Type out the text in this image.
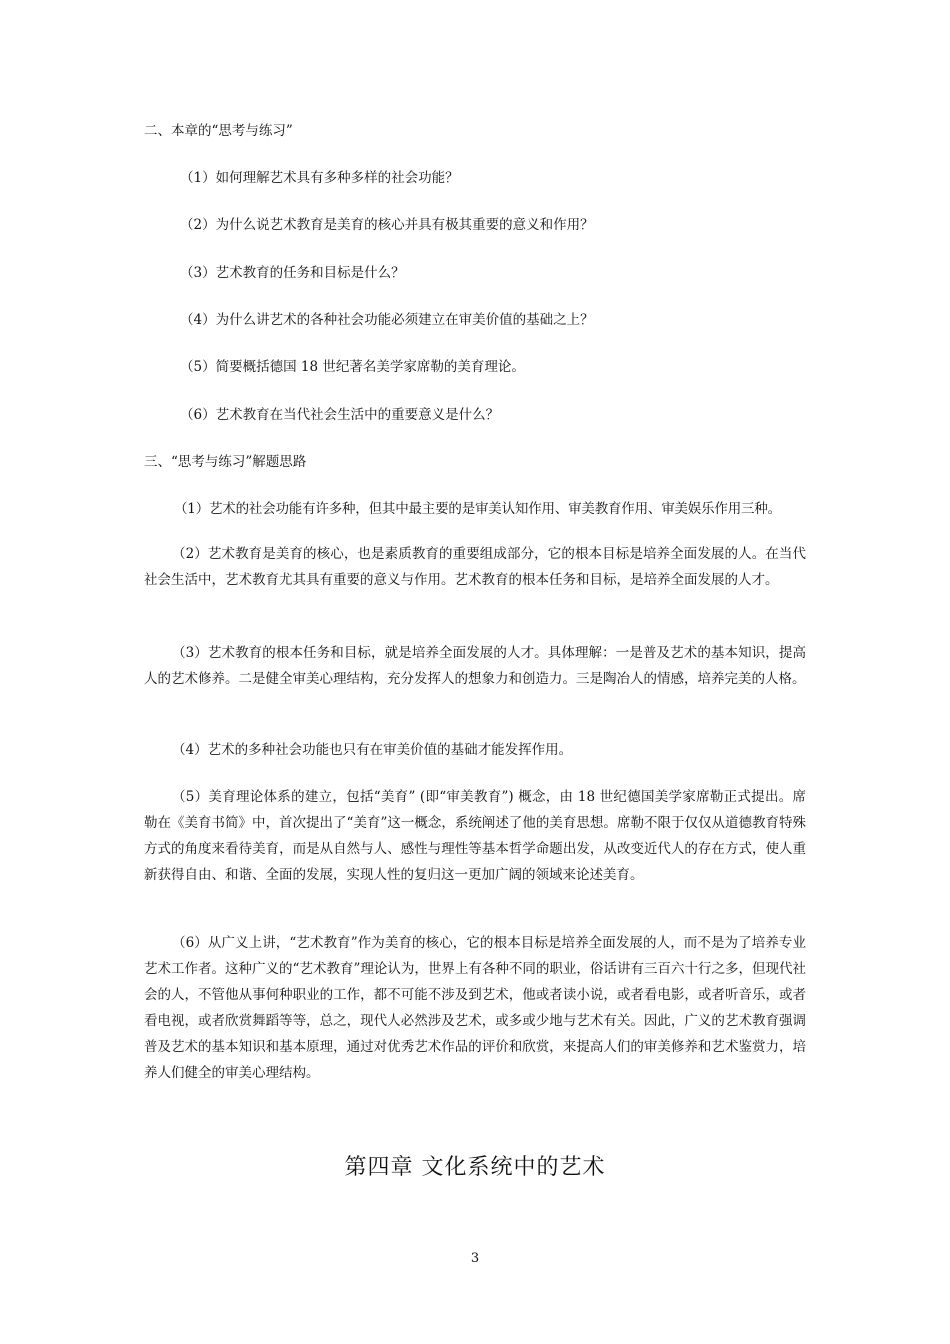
二、本章的“思考与练习”
（1）如何理解艺术具有多种多样的社会功能？
（2）为什么说艺术教育是美育的核心并具有极其重要的意义和作用？
（3）艺术教育的任务和目标是什么？
（4）为什么讲艺术的各种社会功能必须建立在审美价值的基础之上？
（5）简要概括德国 18 世纪著名美学家席勒的美育理论。
（6）艺术教育在当代社会生活中的重要意义是什么？
三、“思考与练习”解题思路
（1）艺术的社会功能有许多种，但其中最主要的是审美认知作用、审美教育作用、审美娱乐作用三种。

（2）艺术教育是美育的核心，也是素质教育的重要组成部分，它的根本目标是培养全面发展的人。在当代社会生活中，艺术教育尤其具有重要的意义与作用。艺术教育的根本任务和目标，是培养全面发展的人才。

（3）艺术教育的根本任务和目标，就是培养全面发展的人才。具体理解：一是普及艺术的基本知识，提高人的艺术修养。二是健全审美心理结构，充分发挥人的想象力和创造力。三是陶冶人的情感，培养完美的人格。

（4）艺术的多种社会功能也只有在审美价值的基础才能发挥作用。

（5）美育理论体系的建立，包括“美育” (即“审美教育”) 概念，由 18 世纪德国美学家席勒正式提出。席勒在《美育书简》中，首次提出了“美育”这一概念，系统阐述了他的美育思想。席勒不限于仅仅从道德教育特殊方式的角度来看待美育，而是从自然与人、感性与理性等基本哲学命题出发，从改变近代人的存在方式，使人重新获得自由、和谐、全面的发展，实现人性的复归这一更加广阔的领域来论述美育。

（6）从广义上讲，“艺术教育”作为美育的核心，它的根本目标是培养全面发展的人，而不是为了培养专业艺术工作者。这种广义的“艺术教育”理论认为，世界上有各种不同的职业，俗话讲有三百六十行之多，但现代社会的人，不管他从事何种职业的工作，都不可能不涉及到艺术，他或者读小说，或者看电影，或者听音乐，或者看电视，或者欣赏舞蹈等等，总之，现代人必然涉及艺术，或多或少地与艺术有关。因此，广义的艺术教育强调普及艺术的基本知识和基本原理，通过对优秀艺术作品的评价和欣赏，来提高人们的审美修养和艺术鉴赏力，培养人们健全的审美心理结构。

第四章 文化系统中的艺术
3
